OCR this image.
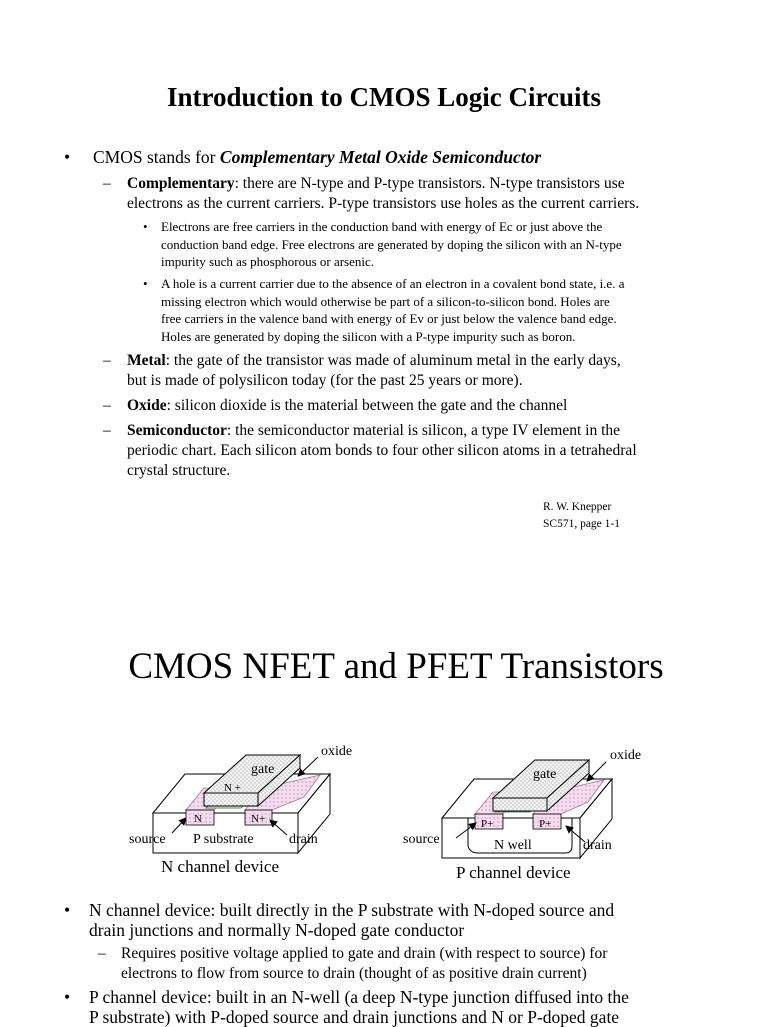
Introduction to CMOS Logic Circuits
• CMOS stands for Complementary Metal Oxide Semiconductor
– Complementary: there are N-type and P-type transistors. N-type transistors use
electrons as the current carriers. P-type transistors use holes as the current carriers.
• Electrons are free carriers in the conduction band with energy of Ec or just above the
conduction band edge. Free electrons are generated by doping the silicon with an N-type
impurity such as phosphorous or arsenic.
• A hole is a current carrier due to the absence of an electron in a covalent bond state, i.e. a
missing electron which would otherwise be part of a silicon-to-silicon bond. Holes are
free carriers in the valence band with energy of Ev or just below the valence band edge.
Holes are generated by doping the silicon with a P-type impurity such as boron.
– Metal: the gate of the transistor was made of aluminum metal in the early days,
but is made of polysilicon today (for the past 25 years or more).
– Oxide: silicon dioxide is the material between the gate and the channel
– Semiconductor: the semiconductor material is silicon, a type IV element in the
periodic chart. Each silicon atom bonds to four other silicon atoms in a tetrahedral
crystal structure.
R. W. Knepper
SC571, page 1-1
CMOS NFET and PFET Transistors
oxide
gate
N +
N	N+
source P substrate	drain
N channel device
oxide
gate
P+	P+
source	N well	drain
P channel device
• N channel device: built directly in the P substrate with N-doped source and
drain junctions and normally N-doped gate conductor
– Requires positive voltage applied to gate and drain (with respect to source) for
electrons to flow from source to drain (thought of as positive drain current)
• P channel device: built in an N-well (a deep N-type junction diffused into the
P substrate) with P-doped source and drain junctions and N or P-doped gate
